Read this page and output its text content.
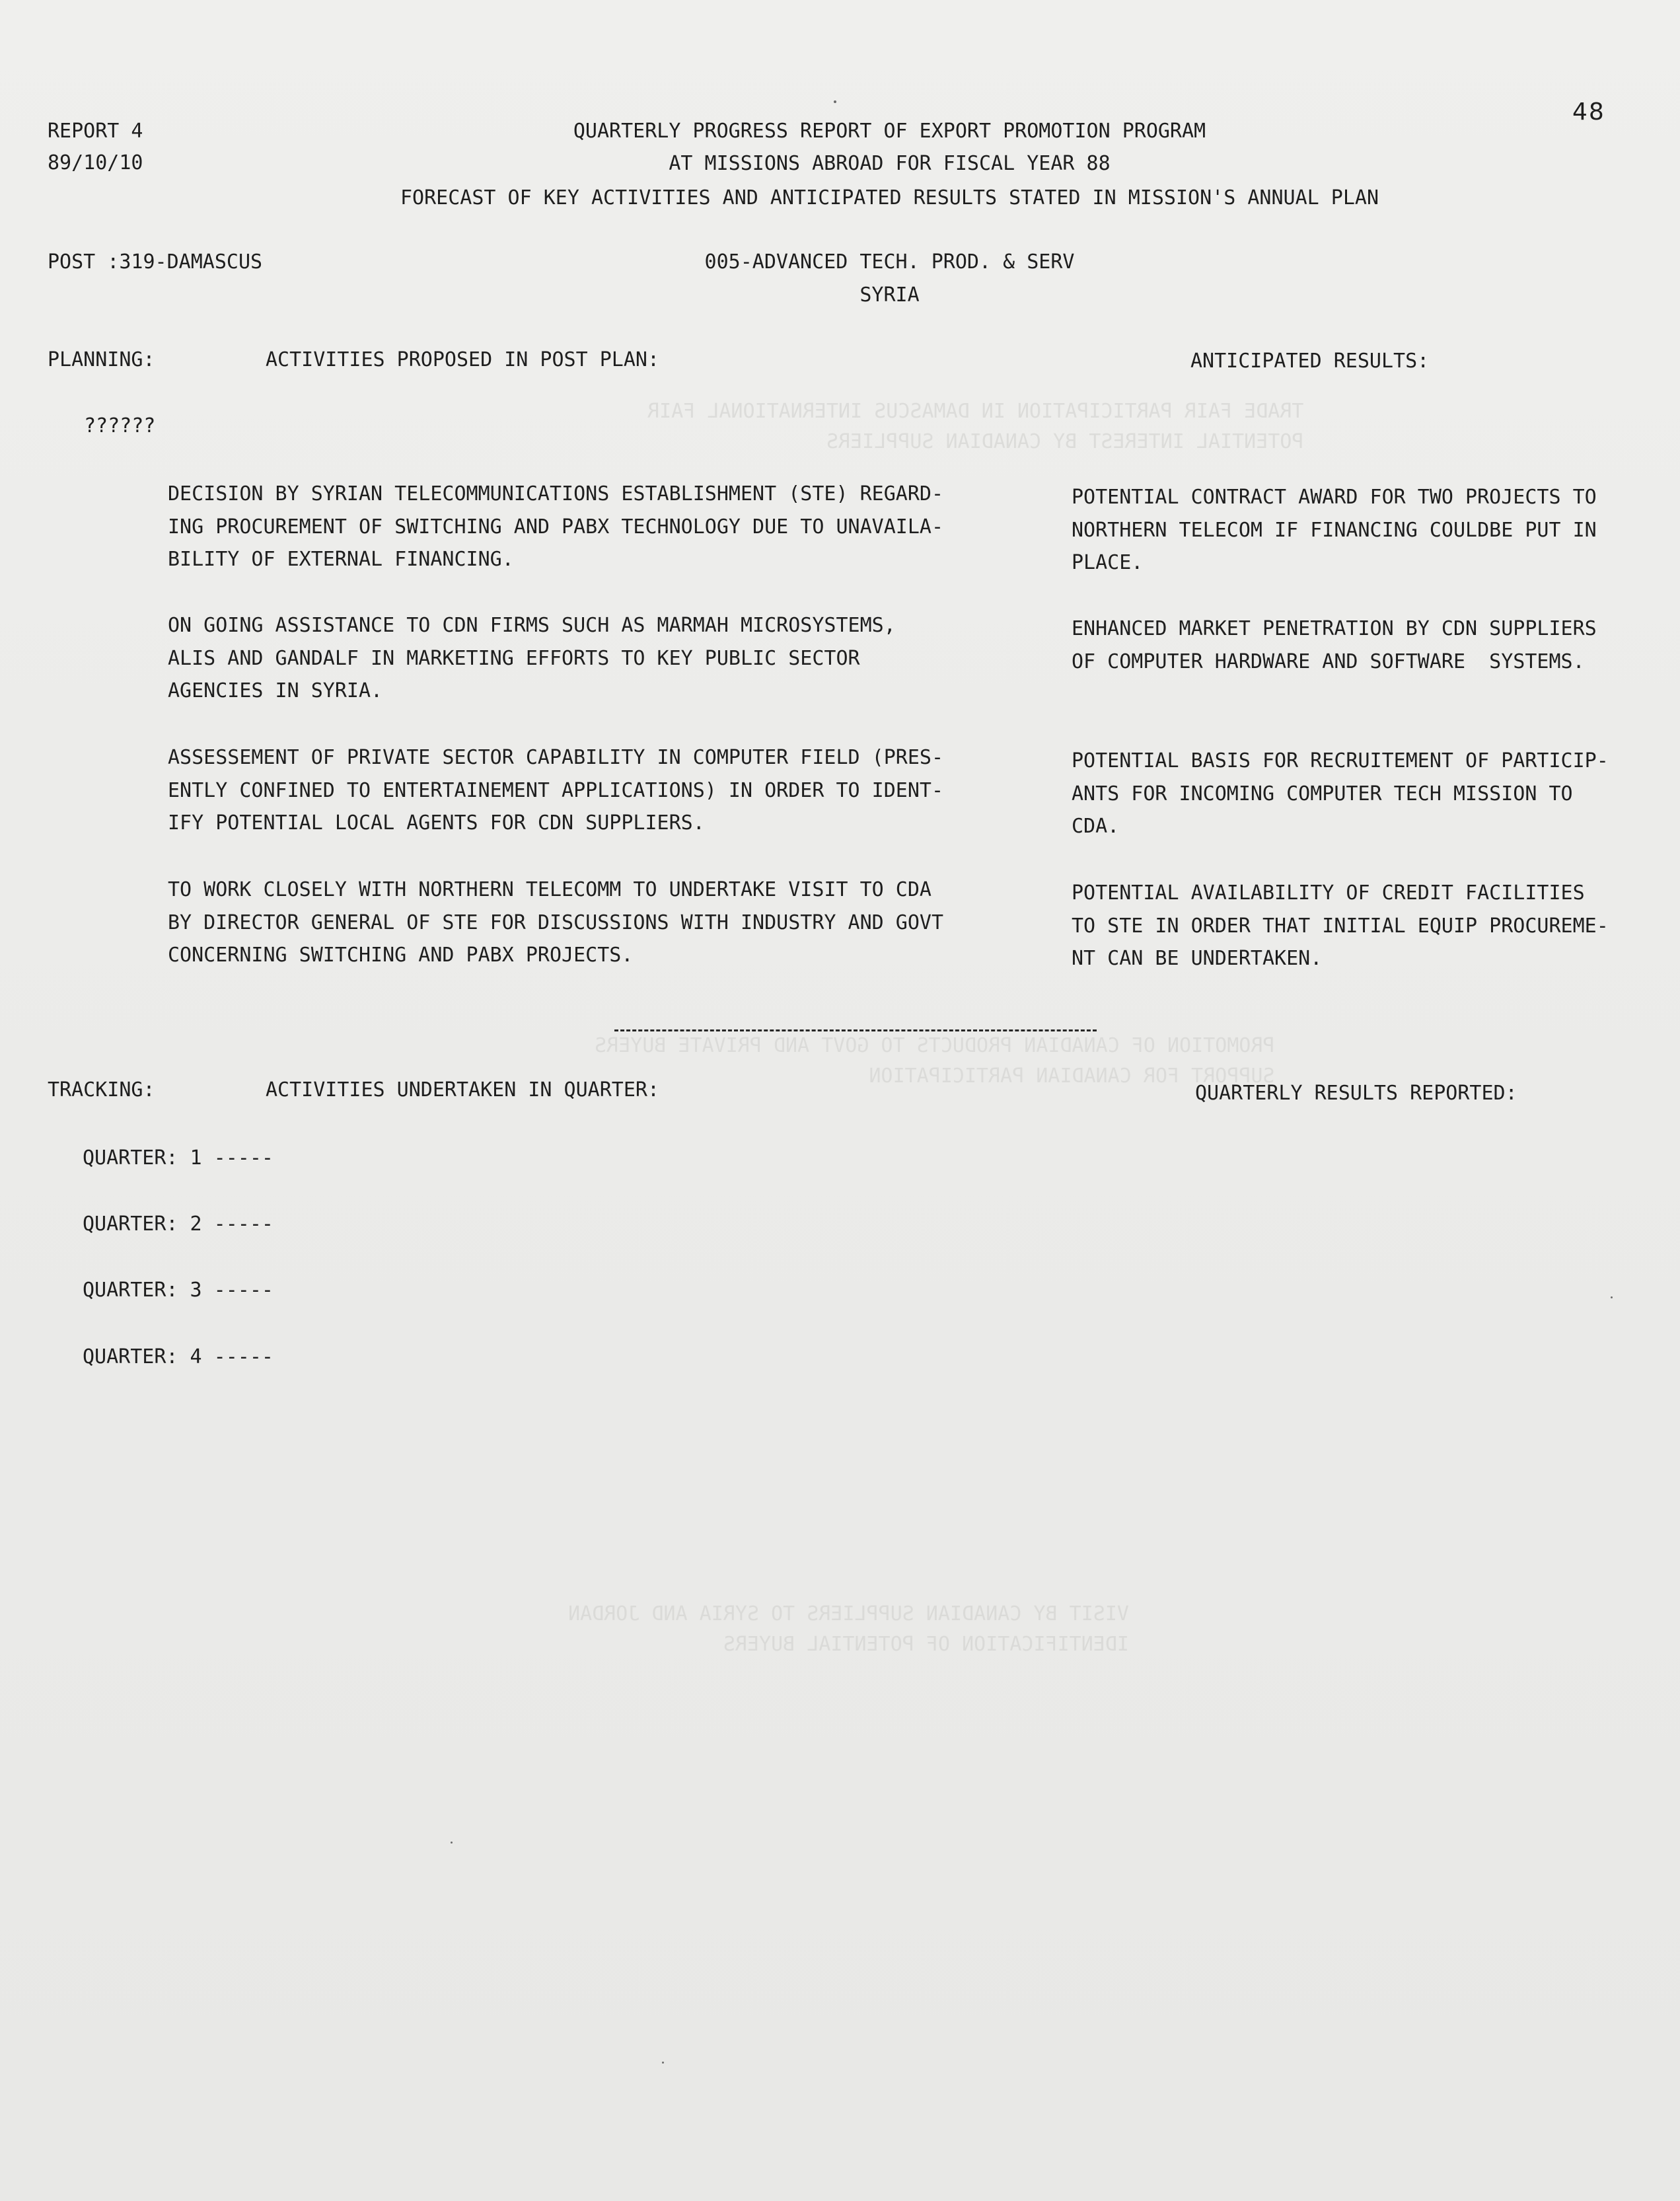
TRADE FAIR PARTICIPATION IN DAMASCUS INTERNATIONAL FAIR
POTENTIAL INTEREST BY CANADIAN SUPPLIERS
PROMOTION OF CANADIAN PRODUCTS TO GOVT AND PRIVATE BUYERS
SUPPORT FOR CANADIAN PARTICIPATION
VISIT BY CANADIAN SUPPLIERS TO SYRIA AND JORDAN
IDENTIFICATION OF POTENTIAL BUYERS
REPORT 4
89/10/10
48
QUARTERLY PROGRESS REPORT OF EXPORT PROMOTION PROGRAM
AT MISSIONS ABROAD FOR FISCAL YEAR 88
FORECAST OF KEY ACTIVITIES AND ANTICIPATED RESULTS STATED IN MISSION'S ANNUAL PLAN
POST :319-DAMASCUS	005-ADVANCED TECH. PROD. & SERV
SYRIA
PLANNING:	ACTIVITIES PROPOSED IN POST PLAN:	ANTICIPATED RESULTS:
??????
DECISION BY SYRIAN TELECOMMUNICATIONS ESTABLISHMENT (STE) REGARD-
ING PROCUREMENT OF SWITCHING AND PABX TECHNOLOGY DUE TO UNAVAILA-
BILITY OF EXTERNAL FINANCING.
POTENTIAL CONTRACT AWARD FOR TWO PROJECTS TO
NORTHERN TELECOM IF FINANCING COULDBE PUT IN
PLACE.
ON GOING ASSISTANCE TO CDN FIRMS SUCH AS MARMAH MICROSYSTEMS,
ALIS AND GANDALF IN MARKETING EFFORTS TO KEY PUBLIC SECTOR
AGENCIES IN SYRIA.
ENHANCED MARKET PENETRATION BY CDN SUPPLIERS
OF COMPUTER HARDWARE AND SOFTWARE  SYSTEMS.
ASSESSEMENT OF PRIVATE SECTOR CAPABILITY IN COMPUTER FIELD (PRES-
ENTLY CONFINED TO ENTERTAINEMENT APPLICATIONS) IN ORDER TO IDENT-
IFY POTENTIAL LOCAL AGENTS FOR CDN SUPPLIERS.
POTENTIAL BASIS FOR RECRUITEMENT OF PARTICIP-
ANTS FOR INCOMING COMPUTER TECH MISSION TO
CDA.
TO WORK CLOSELY WITH NORTHERN TELECOMM TO UNDERTAKE VISIT TO CDA
BY DIRECTOR GENERAL OF STE FOR DISCUSSIONS WITH INDUSTRY AND GOVT
CONCERNING SWITCHING AND PABX PROJECTS.
POTENTIAL AVAILABILITY OF CREDIT FACILITIES
TO STE IN ORDER THAT INITIAL EQUIP PROCUREME-
NT CAN BE UNDERTAKEN.
TRACKING:	ACTIVITIES UNDERTAKEN IN QUARTER:	QUARTERLY RESULTS REPORTED:
QUARTER: 1 -----
QUARTER: 2 -----
QUARTER: 3 -----
QUARTER: 4 -----
